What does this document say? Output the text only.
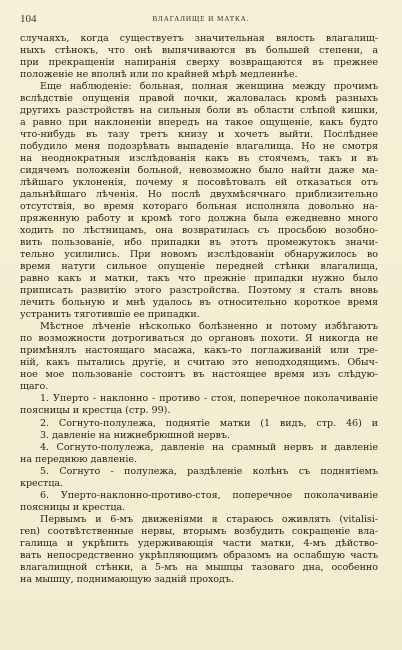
104	ВЛАГАЛИЩЕ И МАТКА.
случаяхъ, когда существуетъ значительная вялость влагалищ-
ныхъ стѣнокъ, что онѣ выпячиваются въ большей степени, а
при прекращеніи напиранія сверху возвращаются въ прежнее
положеніе не вполнѣ или по крайней мѣрѣ медленнѣе.
Еще наблюденіе: больная, полная женщина между прочимъ
вслѣдствіе опущенія правой почки, жаловалась кромѣ разныхъ
другихъ разстройствъ на сильныя боли въ области слѣпой кишки,
а равно при наклоненіи впередъ на такое ощущеніе, какъ будто
что-нибудь въ тазу третъ книзу и хочетъ выйти. Послѣднее
побудило меня подозрѣвать выпаденіе влагалища. Но не смотря
на неоднократныя изслѣдованія какъ въ стоячемъ, такъ и въ
сидячемъ положеніи больной, невозможно было найти даже ма-
лѣйшаго уклоненія, почему я посовѣтовалъ ей отказаться отъ
дальнѣйшаго лѣченія. Но послѣ двухмѣсячнаго приблизительно
отсутствія, во время котораго больная исполняла довольно на-
пряженную работу и кромѣ того должна была ежедневно много
ходить по лѣстницамъ, она возвратилась съ просьбою возобно-
вить пользованіе, ибо припадки въ этотъ промежутокъ значи-
тельно усилились. При новомъ изслѣдованіи обнаружилось во
время натуги сильное опущеніе передней стѣнки влагалища,
равно какъ и матки, такъ что прежніе припадки нужно было
приписать развитію этого разстройства. Поэтому я сталъ вновь
лечить больную и мнѣ удалось въ относительно короткое время
устранить тяготившіе ее припадки.
Мѣстное лѣченіе нѣсколько болѣзненно и потому избѣгаютъ
по возможности дотрогиваться до органовъ похоти. Я никогда не
примѣнялъ настоящаго масажа, какъ-то поглаживаній или тре-
ній, какъ пытались другіе, и считаю это неподходящимъ. Обыч-
ное мое пользованіе состоитъ въ настоящее время изъ слѣдую-
щаго.
1. Уперто - наклонно - противо - стоя, поперечное поколачиваніе
поясницы и крестца (стр. 99).
2. Согнуто-полулежа, поднятіе матки (1 видъ, стр. 46) и
3. давленіе на нижнебрюшной нервъ.
4. Согнуто-полулежа, давленіе на срамный нервъ и давленіе
на переднюю давленіе.
5. Согнуто - полулежа, раздѣленіе колѣнъ съ поднятіемъ
крестца.
6. Уперто-наклонно-противо-стоя, поперечное поколачиваніе
поясницы и крестца.
Первымъ и 6-мъ движеніями я стараюсь оживлять (vitalisi-
ren) соотвѣтственные нервы, вторымъ возбудить сокращеніе вла-
галища и укрѣпить удерживающія части матки, 4-мъ дѣйство-
вать непосредственно укрѣпляющимъ образомъ на ослабшую часть
влагалищной стѣнки, а 5-мъ на мышцы тазоваго дна, особенно
на мышцу, поднимающую задній проходъ.
